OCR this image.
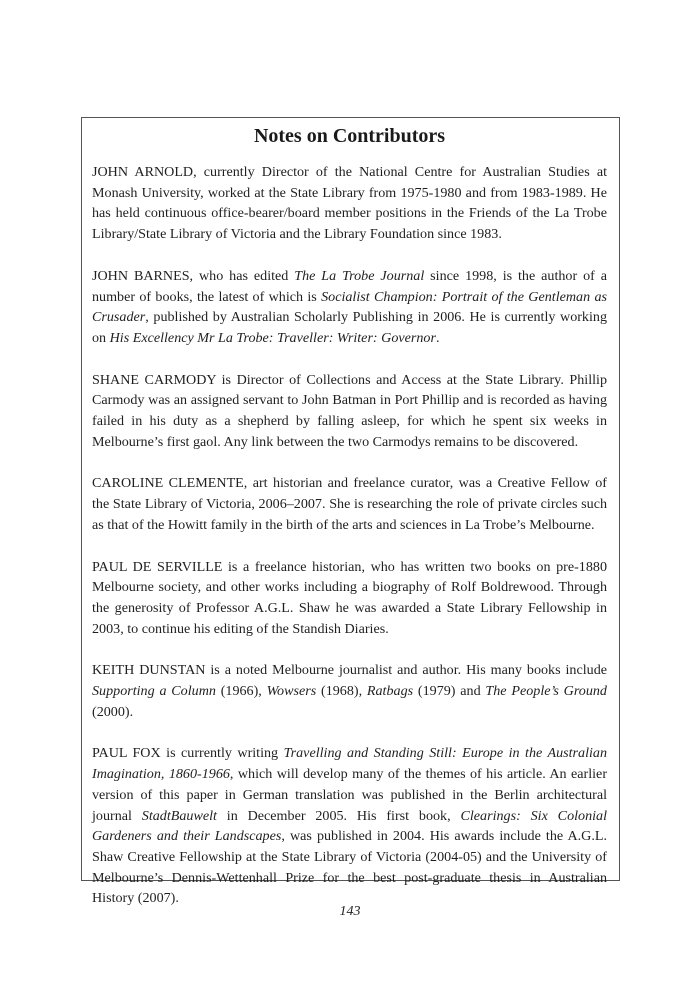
Notes on Contributors

JOHN ARNOLD, currently Director of the National Centre for Australian Studies at Monash University, worked at the State Library from 1975-1980 and from 1983-1989. He has held continuous office-bearer/board member positions in the Friends of the La Trobe Library/State Library of Victoria and the Library Foundation since 1983.

JOHN BARNES, who has edited The La Trobe Journal since 1998, is the author of a number of books, the latest of which is Socialist Champion: Portrait of the Gentleman as Crusader, published by Australian Scholarly Publishing in 2006. He is currently working on His Excellency Mr La Trobe: Traveller: Writer: Governor.

SHANE CARMODY is Director of Collections and Access at the State Library. Phillip Carmody was an assigned servant to John Batman in Port Phillip and is recorded as having failed in his duty as a shepherd by falling asleep, for which he spent six weeks in Melbourne’s first gaol. Any link between the two Carmodys remains to be discovered.

CAROLINE CLEMENTE, art historian and freelance curator, was a Creative Fellow of the State Library of Victoria, 2006–2007. She is researching the role of private circles such as that of the Howitt family in the birth of the arts and sciences in La Trobe’s Melbourne.

PAUL DE SERVILLE is a freelance historian, who has written two books on pre-1880 Melbourne society, and other works including a biography of Rolf Boldrewood. Through the generosity of Professor A.G.L. Shaw he was awarded a State Library Fellowship in 2003, to continue his editing of the Standish Diaries.

KEITH DUNSTAN is a noted Melbourne journalist and author. His many books include Supporting a Column (1966), Wowsers (1968), Ratbags (1979) and The People’s Ground (2000).

PAUL FOX is currently writing Travelling and Standing Still: Europe in the Australian Imagination, 1860-1966, which will develop many of the themes of his article. An earlier version of this paper in German translation was published in the Berlin architectural journal StadtBauwelt in December 2005. His first book, Clearings: Six Colonial Gardeners and their Landscapes, was published in 2004. His awards include the A.G.L. Shaw Creative Fellowship at the State Library of Victoria (2004-05) and the University of Melbourne’s Dennis-Wettenhall Prize for the best post-graduate thesis in Australian History (2007).

143
